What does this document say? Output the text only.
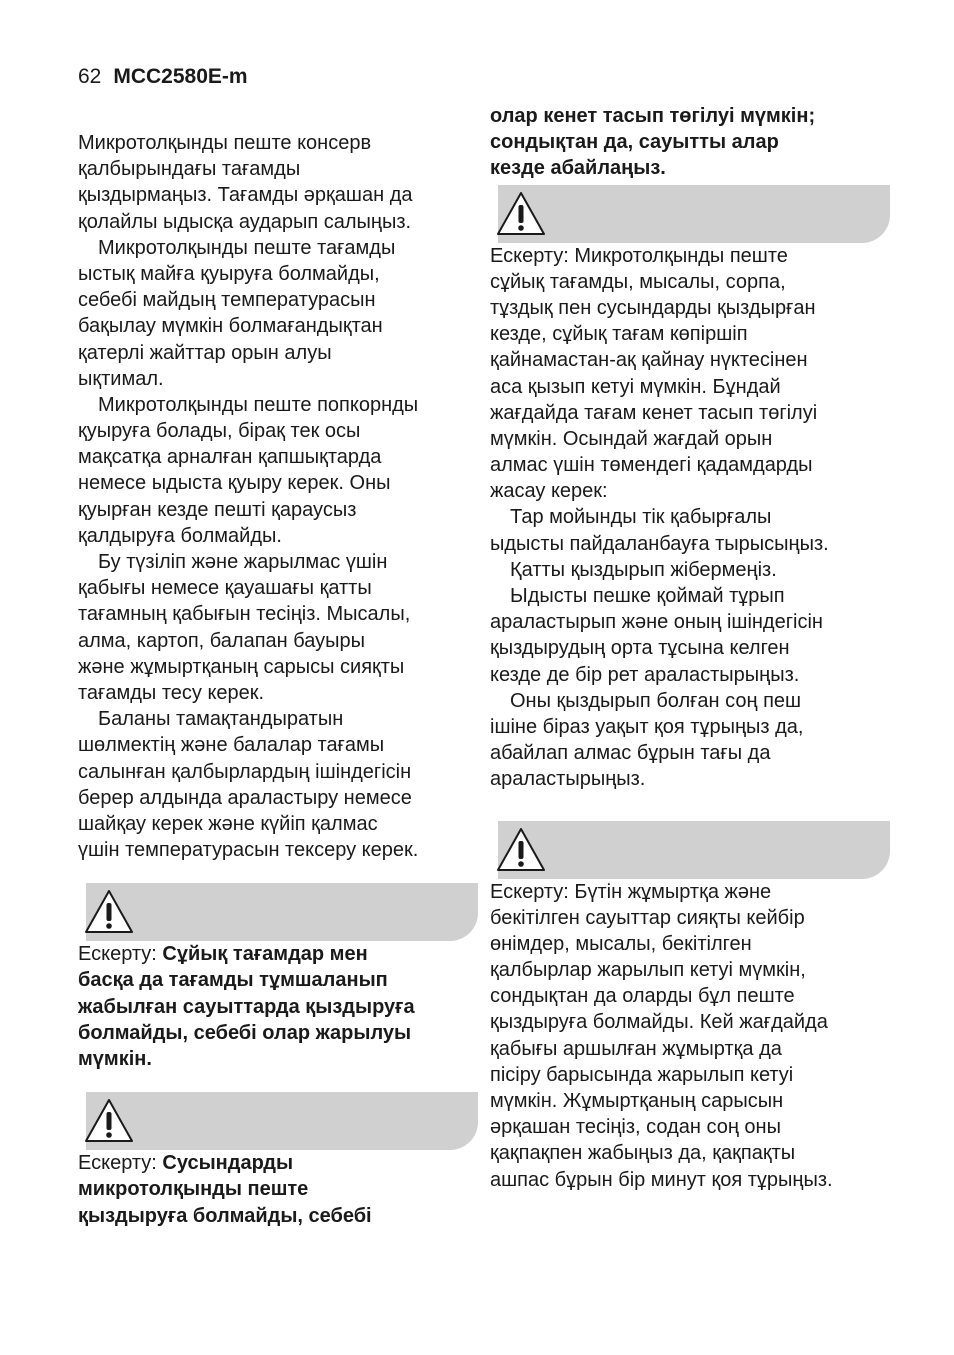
62 MCC2580E-m
Микротолқынды пеште консерв
қалбырындағы тағамды
қыздырмаңыз. Тағамды әрқашан да
қолайлы ыдысқа аударып салыңыз.
Микротолқынды пеште тағамды
ыстық майға қуыруға болмайды,
себебі майдың температурасын
бақылау мүмкін болмағандықтан
қатерлі жайттар орын алуы
ықтимал.
Микротолқынды пеште попкорнды
қуыруға болады, бірақ тек осы
мақсатқа арналған қапшықтарда
немесе ыдыста қуыру керек. Оны
қуырған кезде пешті қараусыз
қалдыруға болмайды.
Бу түзіліп және жарылмас үшін
қабығы немесе қауашағы қатты
тағамның қабығын тесіңіз. Мысалы,
алма, картоп, балапан бауыры
және жұмыртқаның сарысы сияқты
тағамды тесу керек.
Баланы тамақтандыратын
шөлмектің және балалар тағамы
салынған қалбырлардың ішіндегісін
берер алдында араластыру немесе
шайқау керек және күйіп қалмас
үшін температурасын тексеру керек.
Ескерту: Сұйық тағамдар мен
басқа да тағамды тұмшаланып
жабылған сауыттарда қыздыруға
болмайды, себебі олар жарылуы
мүмкін.
Ескерту: Сусындарды
микротолқынды пеште
қыздыруға болмайды, себебі
олар кенет тасып төгілуі мүмкін;
сондықтан да, сауытты алар
кезде абайлаңыз.
Ескерту: Микротолқынды пеште
сұйық тағамды, мысалы, сорпа,
тұздық пен сусындарды қыздырған
кезде, сұйық тағам көпіршіп
қайнамастан-ақ қайнау нүктесінен
аса қызып кетуі мүмкін. Бұндай
жағдайда тағам кенет тасып төгілуі
мүмкін. Осындай жағдай орын
алмас үшін төмендегі қадамдарды
жасау керек:
Тар мойынды тік қабырғалы
ыдысты пайдаланбауға тырысыңыз.
Қатты қыздырып жібермеңіз.
Ыдысты пешке қоймай тұрып
араластырып және оның ішіндегісін
қыздырудың орта тұсына келген
кезде де бір рет араластырыңыз.
Оны қыздырып болған соң пеш
ішіне біраз уақыт қоя тұрыңыз да,
абайлап алмас бұрын тағы да
араластырыңыз.
Ескерту: Бүтін жұмыртқа және
бекітілген сауыттар сияқты кейбір
өнімдер, мысалы, бекітілген
қалбырлар жарылып кетуі мүмкін,
сондықтан да оларды бұл пеште
қыздыруға болмайды. Кей жағдайда
қабығы аршылған жұмыртқа да
пісіру барысында жарылып кетуі
мүмкін. Жұмыртқаның сарысын
әрқашан тесіңіз, содан соң оны
қақпақпен жабыңыз да, қақпақты
ашпас бұрын бір минут қоя тұрыңыз.
